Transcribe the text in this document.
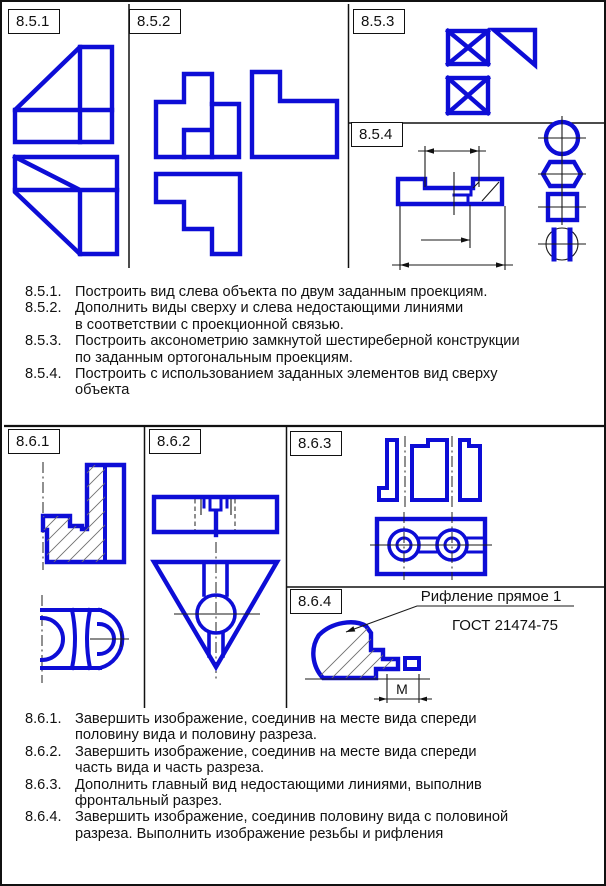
М
8.5.1	8.5.2	8.5.3
8.5.4
8.6.1	8.6.2	8.6.3
8.6.4	Рифление прямое 1
ГОСТ 21474-75
8.5.1. Построить вид слева объекта по двум заданным проекциям.
8.5.2. Дополнить виды сверху и слева недостающими линиями
в соответствии с проекционной связью.
8.5.3. Построить аксонометрию замкнутой шестиреберной конструкции
по заданным ортогональным проекциям.
8.5.4. Построить с использованием заданных элементов вид сверху
объекта
8.6.1. Завершить изображение, соединив на месте вида спереди
половину вида и половину разреза.
8.6.2. Завершить изображение, соединив на месте вида спереди
часть вида и часть разреза.
8.6.3. Дополнить главный вид недостающими линиями, выполнив
фронтальный разрез.
8.6.4. Завершить изображение, соединив половину вида с половиной
разреза. Выполнить изображение резьбы и рифления
